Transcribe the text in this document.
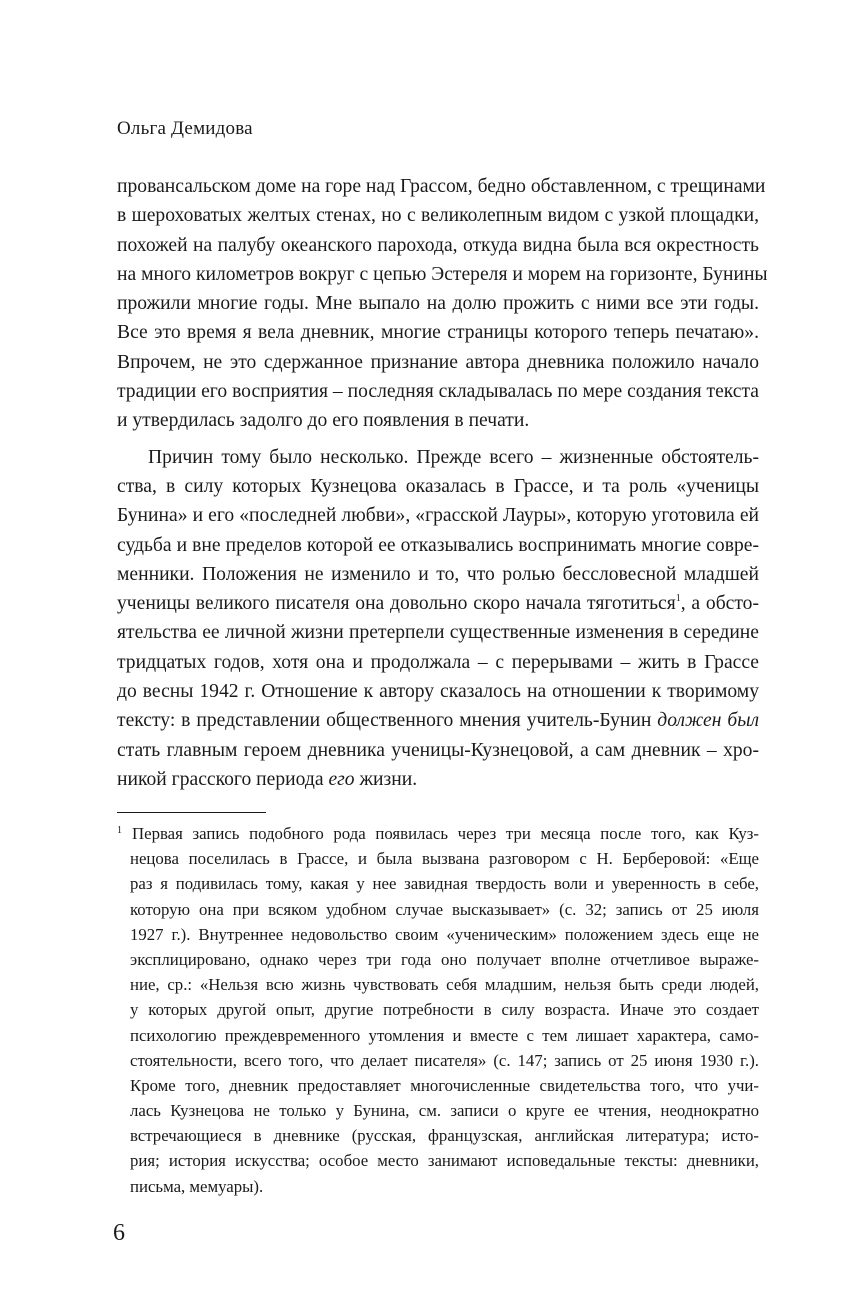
Ольга Демидова
провансальском доме на горе над Грассом, бедно обставленном, с трещинами
в шероховатых желтых стенах, но с великолепным видом с узкой площадки,
похожей на палубу океанского парохода, откуда видна была вся окрестность
на много километров вокруг с цепью Эстереля и морем на горизонте, Бунины
прожили многие годы. Мне выпало на долю прожить с ними все эти годы.
Все это время я вела дневник, многие страницы которого теперь печатаю».
Впрочем, не это сдержанное признание автора дневника положило начало
традиции его восприятия – последняя складывалась по мере создания текста
и утвердилась задолго до его появления в печати.
Причин тому было несколько. Прежде всего – жизненные обстоятель-
ства, в силу которых Кузнецова оказалась в Грассе, и та роль «ученицы
Бунина» и его «последней любви», «грасской Лауры», которую уготовила ей
судьба и вне пределов которой ее отказывались воспринимать многие совре-
менники. Положения не изменило и то, что ролью бессловесной младшей
ученицы великого писателя она довольно скоро начала тяготиться$^1$, а обсто-
ятельства ее личной жизни претерпели существенные изменения в середине
тридцатых годов, хотя она и продолжала – с перерывами – жить в Грассе
до весны 1942 г. Отношение к автору сказалось на отношении к творимому
тексту: в представлении общественного мнения учитель-Бунин должен был
стать главным героем дневника ученицы-Кузнецовой, а сам дневник – хро-
никой грасского периода его жизни.
1 Первая запись подобного рода появилась через три месяца после того, как Куз-
нецова поселилась в Грассе, и была вызвана разговором с Н. Берберовой: «Еще
раз я подивилась тому, какая у нее завидная твердость воли и уверенность в себе,
которую она при всяком удобном случае высказывает» (с. 32; запись от 25 июля
1927 г.). Внутреннее недовольство своим «ученическим» положением здесь еще не
эксплицировано, однако через три года оно получает вполне отчетливое выраже-
ние, ср.: «Нельзя всю жизнь чувствовать себя младшим, нельзя быть среди людей,
у которых другой опыт, другие потребности в силу возраста. Иначе это создает
психологию преждевременного утомления и вместе с тем лишает характера, само-
стоятельности, всего того, что делает писателя» (с. 147; запись от 25 июня 1930 г.).
Кроме того, дневник предоставляет многочисленные свидетельства того, что учи-
лась Кузнецова не только у Бунина, см. записи о круге ее чтения, неоднократно
встречающиеся в дневнике (русская, французская, английская литература; исто-
рия; история искусства; особое место занимают исповедальные тексты: дневники,
письма, мемуары).
6
